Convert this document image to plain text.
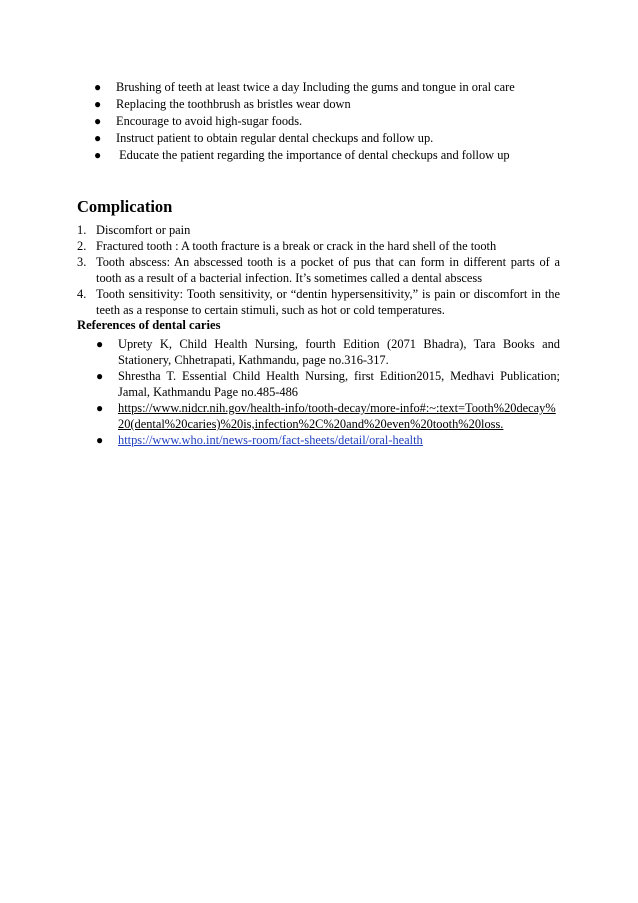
● Brushing of teeth at least twice a day Including the gums and tongue in oral care
● Replacing the toothbrush as bristles wear down
● Encourage to avoid high-sugar foods.
● Instruct patient to obtain regular dental checkups and follow up.
● Educate the patient regarding the importance of dental checkups and follow up
Complication
1. Discomfort or pain
2. Fractured tooth : A tooth fracture is a break or crack in the hard shell of the tooth
3. Tooth abscess: An abscessed tooth is a pocket of pus that can form in different parts of a tooth as a result of a bacterial infection. It’s sometimes called a dental abscess
4. Tooth sensitivity: Tooth sensitivity, or “dentin hypersensitivity,” is pain or discomfort in the teeth as a response to certain stimuli, such as hot or cold temperatures.
References of dental caries
● Uprety K, Child Health Nursing, fourth Edition (2071 Bhadra), Tara Books and Stationery, Chhetrapati, Kathmandu, page no.316-317.
● Shrestha T. Essential Child Health Nursing, first Edition2015, Medhavi Publication; Jamal, Kathmandu Page no.485-486
● https://www.nidcr.nih.gov/health-info/tooth-decay/more-info#:~:text=Tooth%20decay%20(dental%20caries)%20is,infection%2C%20and%20even%20tooth%20loss.
● https://www.who.int/news-room/fact-sheets/detail/oral-health
